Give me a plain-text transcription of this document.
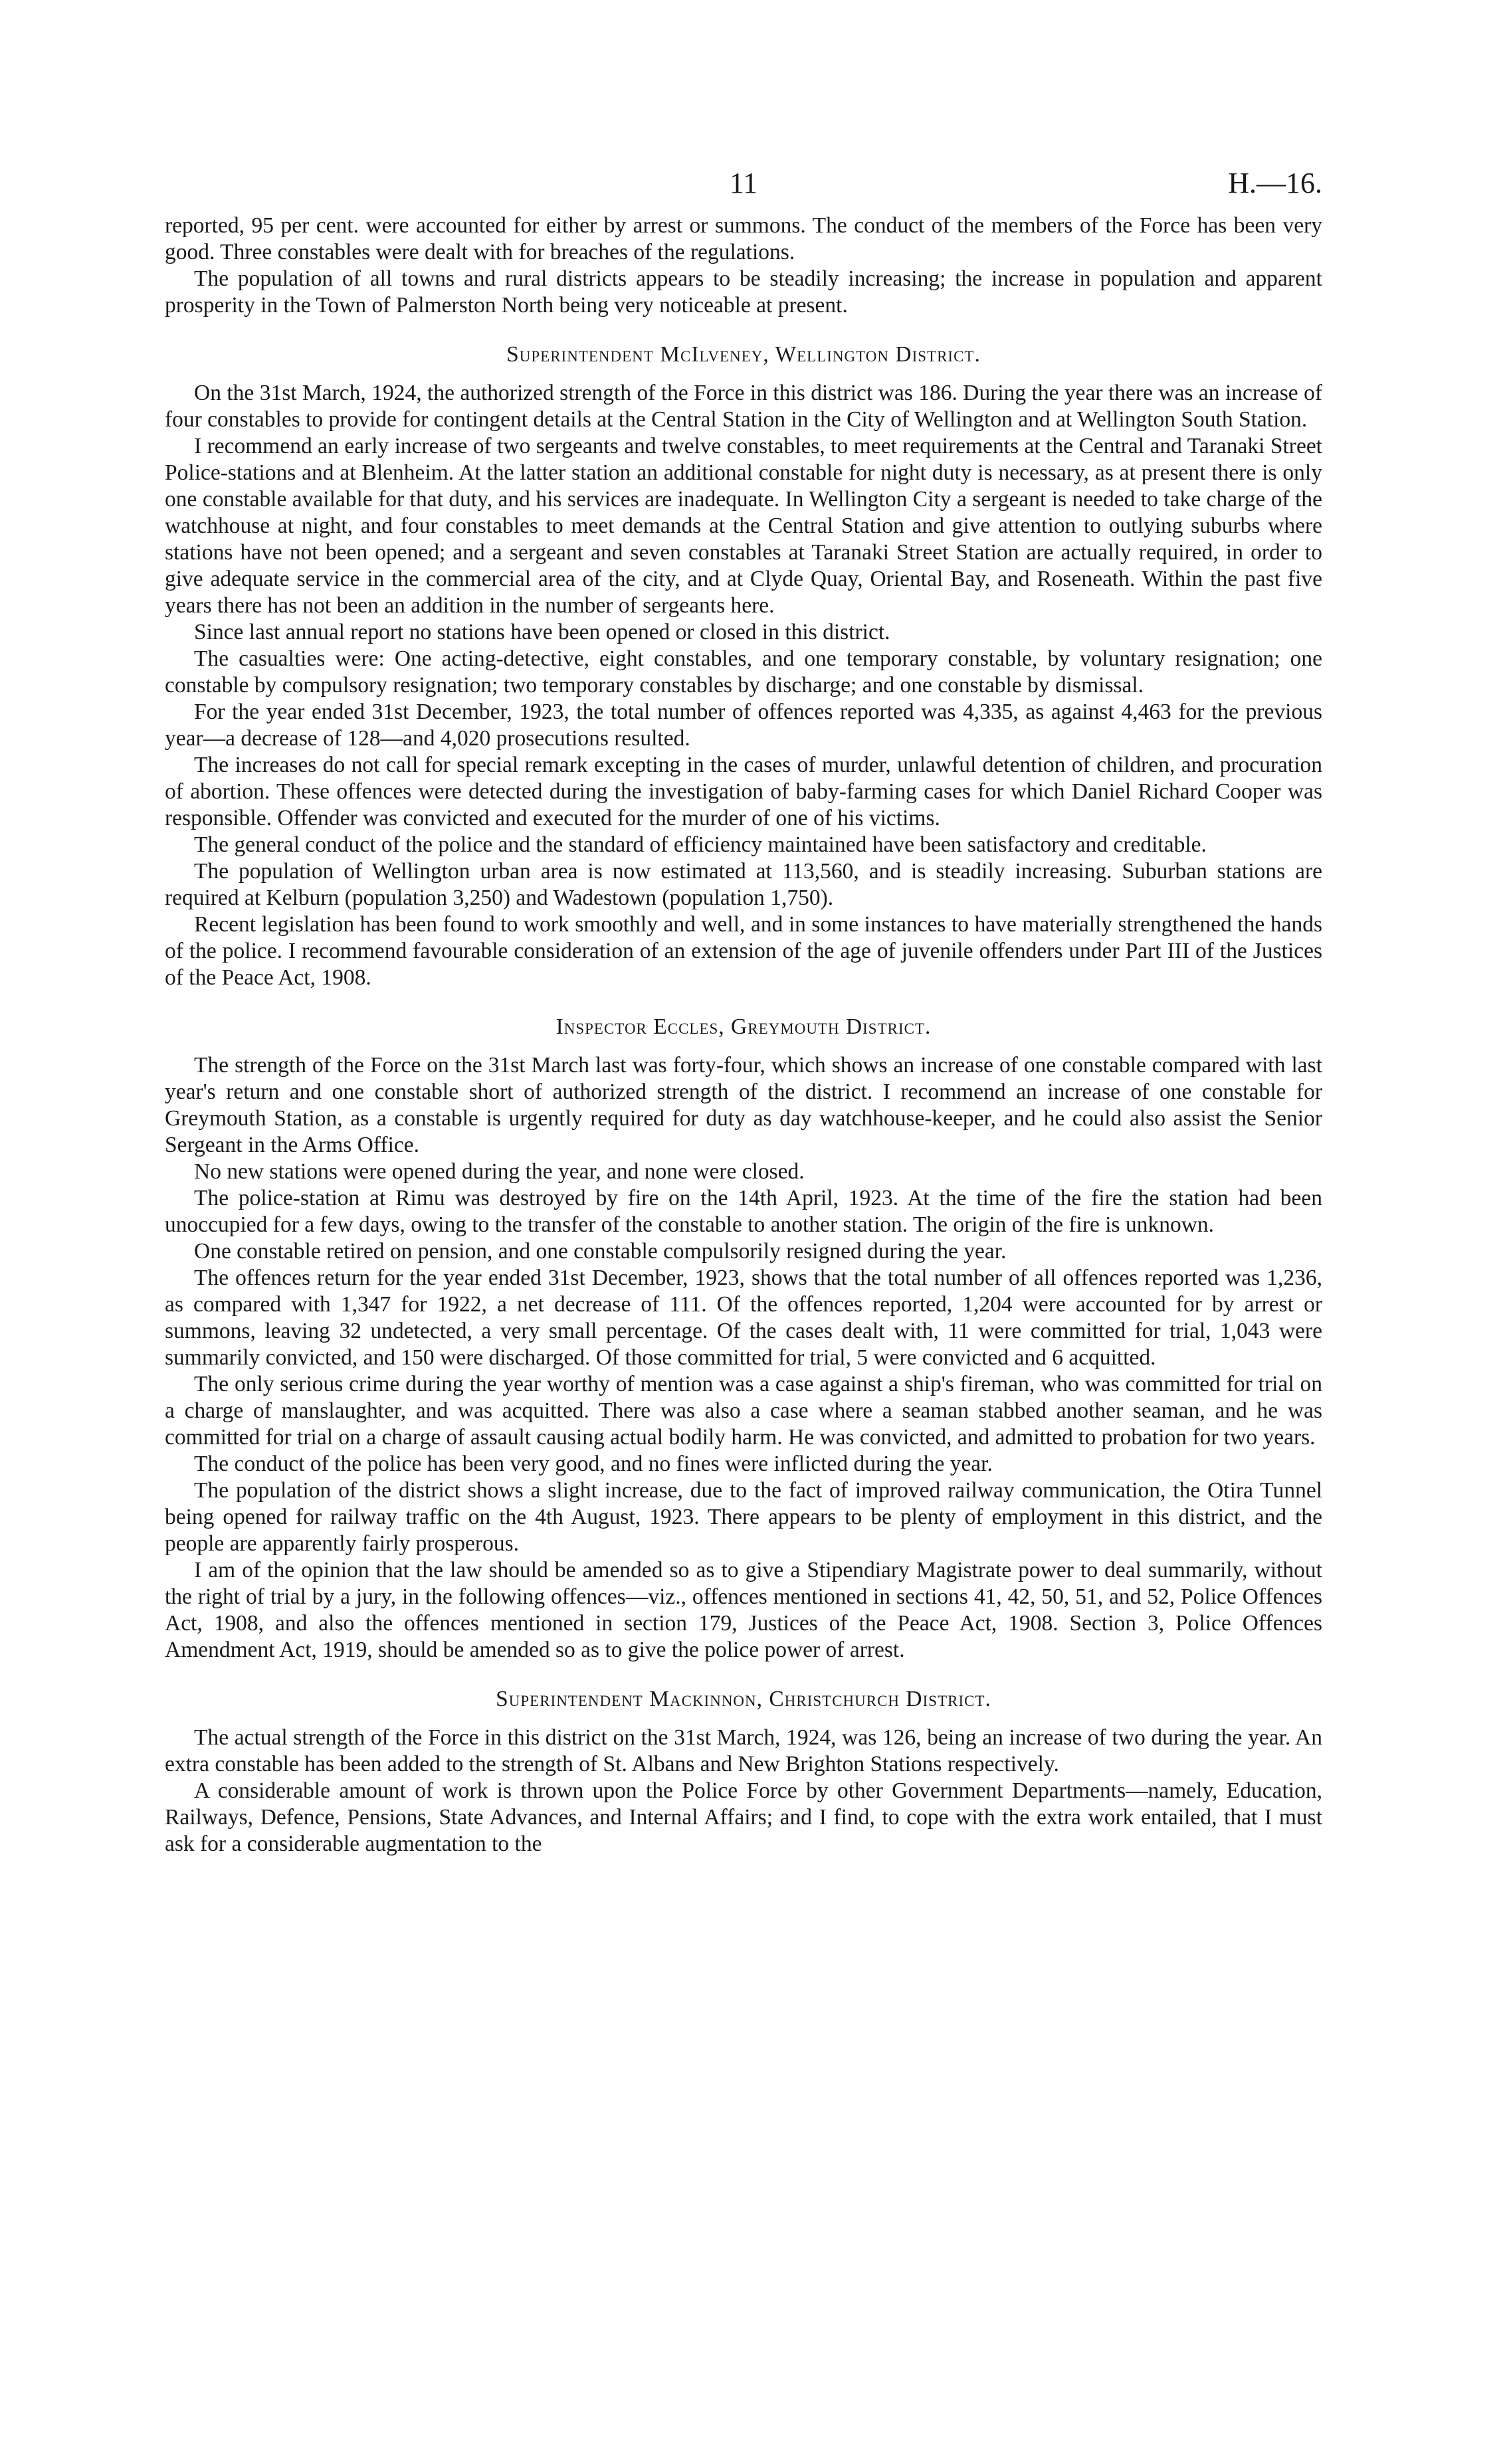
11	H.—16.

reported, 95 per cent. were accounted for either by arrest or summons. The conduct of the members of the Force has been very good. Three constables were dealt with for breaches of the regulations.

The population of all towns and rural districts appears to be steadily increasing; the increase in population and apparent prosperity in the Town of Palmerston North being very noticeable at present.

Superintendent McIlveney, Wellington District.

On the 31st March, 1924, the authorized strength of the Force in this district was 186. During the year there was an increase of four constables to provide for contingent details at the Central Station in the City of Wellington and at Wellington South Station.

I recommend an early increase of two sergeants and twelve constables, to meet requirements at the Central and Taranaki Street Police-stations and at Blenheim. At the latter station an additional constable for night duty is necessary, as at present there is only one constable available for that duty, and his services are inadequate. In Wellington City a sergeant is needed to take charge of the watchhouse at night, and four constables to meet demands at the Central Station and give attention to outlying suburbs where stations have not been opened; and a sergeant and seven constables at Taranaki Street Station are actually required, in order to give adequate service in the commercial area of the city, and at Clyde Quay, Oriental Bay, and Roseneath. Within the past five years there has not been an addition in the number of sergeants here.

Since last annual report no stations have been opened or closed in this district.

The casualties were: One acting-detective, eight constables, and one temporary constable, by voluntary resignation; one constable by compulsory resignation; two temporary constables by discharge; and one constable by dismissal.

For the year ended 31st December, 1923, the total number of offences reported was 4,335, as against 4,463 for the previous year—a decrease of 128—and 4,020 prosecutions resulted.

The increases do not call for special remark excepting in the cases of murder, unlawful detention of children, and procuration of abortion. These offences were detected during the investigation of baby-farming cases for which Daniel Richard Cooper was responsible. Offender was convicted and executed for the murder of one of his victims.

The general conduct of the police and the standard of efficiency maintained have been satisfactory and creditable.

The population of Wellington urban area is now estimated at 113,560, and is steadily increasing. Suburban stations are required at Kelburn (population 3,250) and Wadestown (population 1,750).

Recent legislation has been found to work smoothly and well, and in some instances to have materially strengthened the hands of the police. I recommend favourable consideration of an extension of the age of juvenile offenders under Part III of the Justices of the Peace Act, 1908.

Inspector Eccles, Greymouth District.

The strength of the Force on the 31st March last was forty-four, which shows an increase of one constable compared with last year's return and one constable short of authorized strength of the district. I recommend an increase of one constable for Greymouth Station, as a constable is urgently required for duty as day watchhouse-keeper, and he could also assist the Senior Sergeant in the Arms Office.

No new stations were opened during the year, and none were closed.

The police-station at Rimu was destroyed by fire on the 14th April, 1923. At the time of the fire the station had been unoccupied for a few days, owing to the transfer of the constable to another station. The origin of the fire is unknown.

One constable retired on pension, and one constable compulsorily resigned during the year.

The offences return for the year ended 31st December, 1923, shows that the total number of all offences reported was 1,236, as compared with 1,347 for 1922, a net decrease of 111. Of the offences reported, 1,204 were accounted for by arrest or summons, leaving 32 undetected, a very small percentage. Of the cases dealt with, 11 were committed for trial, 1,043 were summarily convicted, and 150 were discharged. Of those committed for trial, 5 were convicted and 6 acquitted.

The only serious crime during the year worthy of mention was a case against a ship's fireman, who was committed for trial on a charge of manslaughter, and was acquitted. There was also a case where a seaman stabbed another seaman, and he was committed for trial on a charge of assault causing actual bodily harm. He was convicted, and admitted to probation for two years.

The conduct of the police has been very good, and no fines were inflicted during the year.

The population of the district shows a slight increase, due to the fact of improved railway communication, the Otira Tunnel being opened for railway traffic on the 4th August, 1923. There appears to be plenty of employment in this district, and the people are apparently fairly prosperous.

I am of the opinion that the law should be amended so as to give a Stipendiary Magistrate power to deal summarily, without the right of trial by a jury, in the following offences—viz., offences mentioned in sections 41, 42, 50, 51, and 52, Police Offences Act, 1908, and also the offences mentioned in section 179, Justices of the Peace Act, 1908. Section 3, Police Offences Amendment Act, 1919, should be amended so as to give the police power of arrest.

Superintendent Mackinnon, Christchurch District.

The actual strength of the Force in this district on the 31st March, 1924, was 126, being an increase of two during the year. An extra constable has been added to the strength of St. Albans and New Brighton Stations respectively.

A considerable amount of work is thrown upon the Police Force by other Government Departments—namely, Education, Railways, Defence, Pensions, State Advances, and Internal Affairs; and I find, to cope with the extra work entailed, that I must ask for a considerable augmentation to the
